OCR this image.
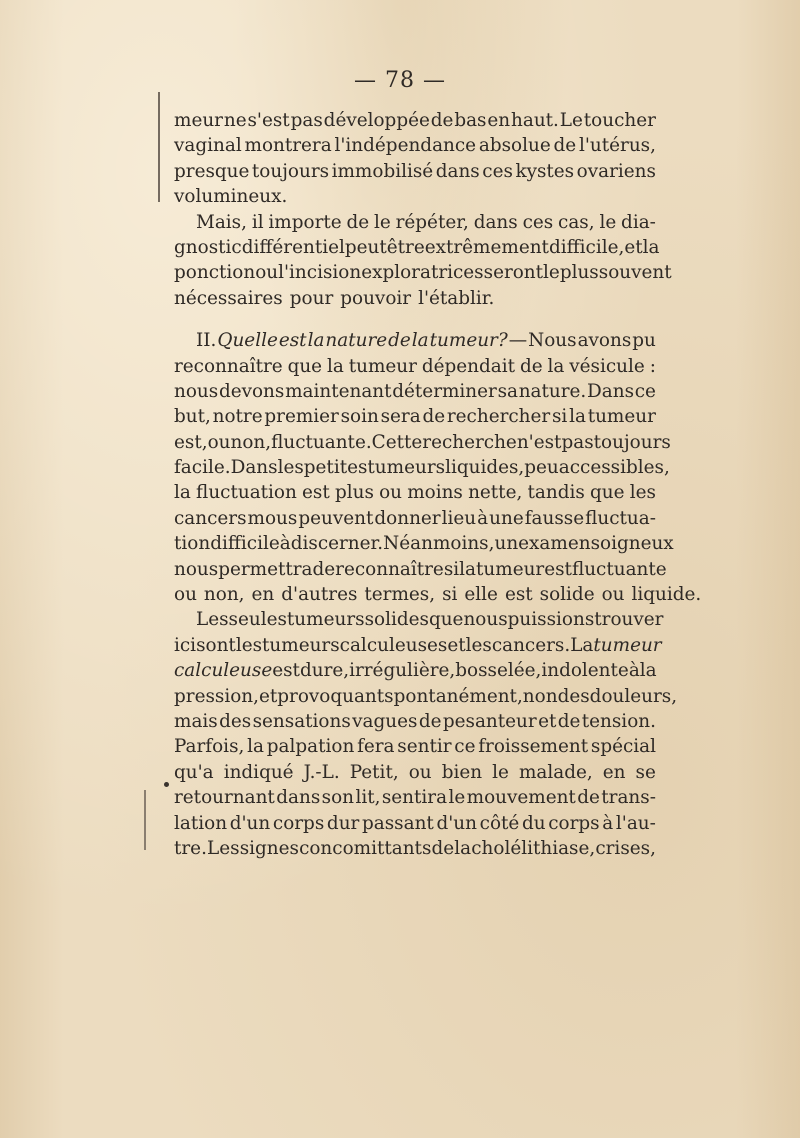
— 78 —
meur ne s'est pas développée de bas en haut. Le toucher
vaginal montrera l'indépendance absolue de l'utérus,
presque toujours immobilisé dans ces kystes ovariens
volumineux.
Mais, il importe de le répéter, dans ces cas, le dia-
gnostic différentiel peut être extrêmement difficile, et la
ponction ou l'incision exploratrices seront le plus souvent
nécessaires pour pouvoir l'établir.
II. Quelle est la nature de la tumeur? — Nous avons pu
reconnaître que la tumeur dépendait de la vésicule :
nous devons maintenant déterminer sa nature. Dans ce
but, notre premier soin sera de rechercher si la tumeur
est, ou non, fluctuante. Cette recherche n'est pas toujours
facile. Dans les petites tumeurs liquides, peu accessibles,
la fluctuation est plus ou moins nette, tandis que les
cancers mous peuvent donner lieu à une fausse fluctua-
tion difficile à discerner. Néanmoins, un examen soigneux
nous permettra de reconnaître si la tumeur est fluctuante
ou non, en d'autres termes, si elle est solide ou liquide.
Les seules tumeurs solides que nous puissions trouver
ici sont les tumeurs calculeuses et les cancers. La tumeur
calculeuse est dure, irrégulière, bosselée, indolente à la
pression, et provoquant spontanément, non des douleurs,
mais des sensations vagues de pesanteur et de tension.
Parfois, la palpation fera sentir ce froissement spécial
qu'a indiqué J.-L. Petit, ou bien le malade, en se
retournant dans son lit, sentira le mouvement de trans-
lation d'un corps dur passant d'un côté du corps à l'au-
tre. Les signes concomittants de la cholélithiase, crises,
